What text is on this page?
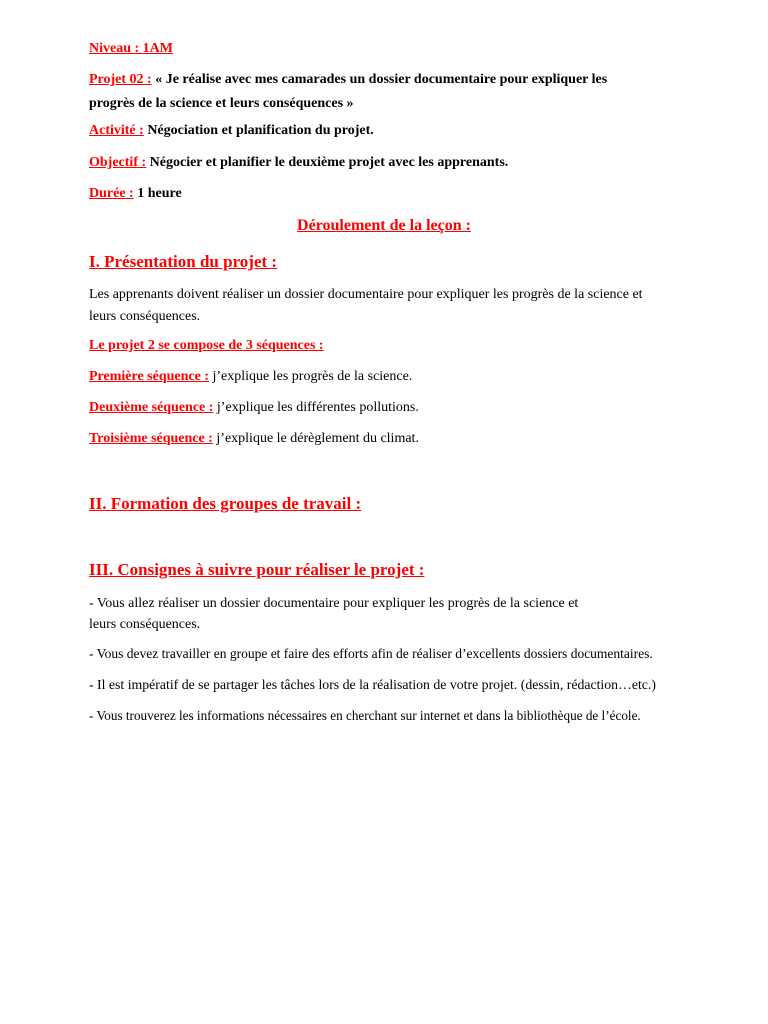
Niveau : 1AM
Projet 02 : « Je réalise avec mes camarades un dossier documentaire pour expliquer les
progrès de la science et leurs conséquences »
Activité : Négociation et planification du projet.
Objectif : Négocier et planifier le deuxième projet avec les apprenants.
Durée : 1 heure
Déroulement de la leçon :
I. Présentation du projet :
Les apprenants doivent réaliser un dossier documentaire pour expliquer les progrès de la science et
leurs conséquences.
Le projet 2 se compose de 3 séquences :
Première séquence : j’explique les progrès de la science.
Deuxième séquence : j’explique les différentes pollutions.
Troisième séquence : j’explique le dérèglement du climat.
II. Formation des groupes de travail :
III. Consignes à suivre pour réaliser le projet :
- Vous allez réaliser un dossier documentaire pour expliquer les progrès de la science et
leurs conséquences.
- Vous devez travailler en groupe et faire des efforts afin de réaliser d’excellents dossiers documentaires.
- Il est impératif de se partager les tâches lors de la réalisation de votre projet. (dessin, rédaction…etc.)
- Vous trouverez les informations nécessaires en cherchant sur internet et dans la bibliothèque de l’école.
